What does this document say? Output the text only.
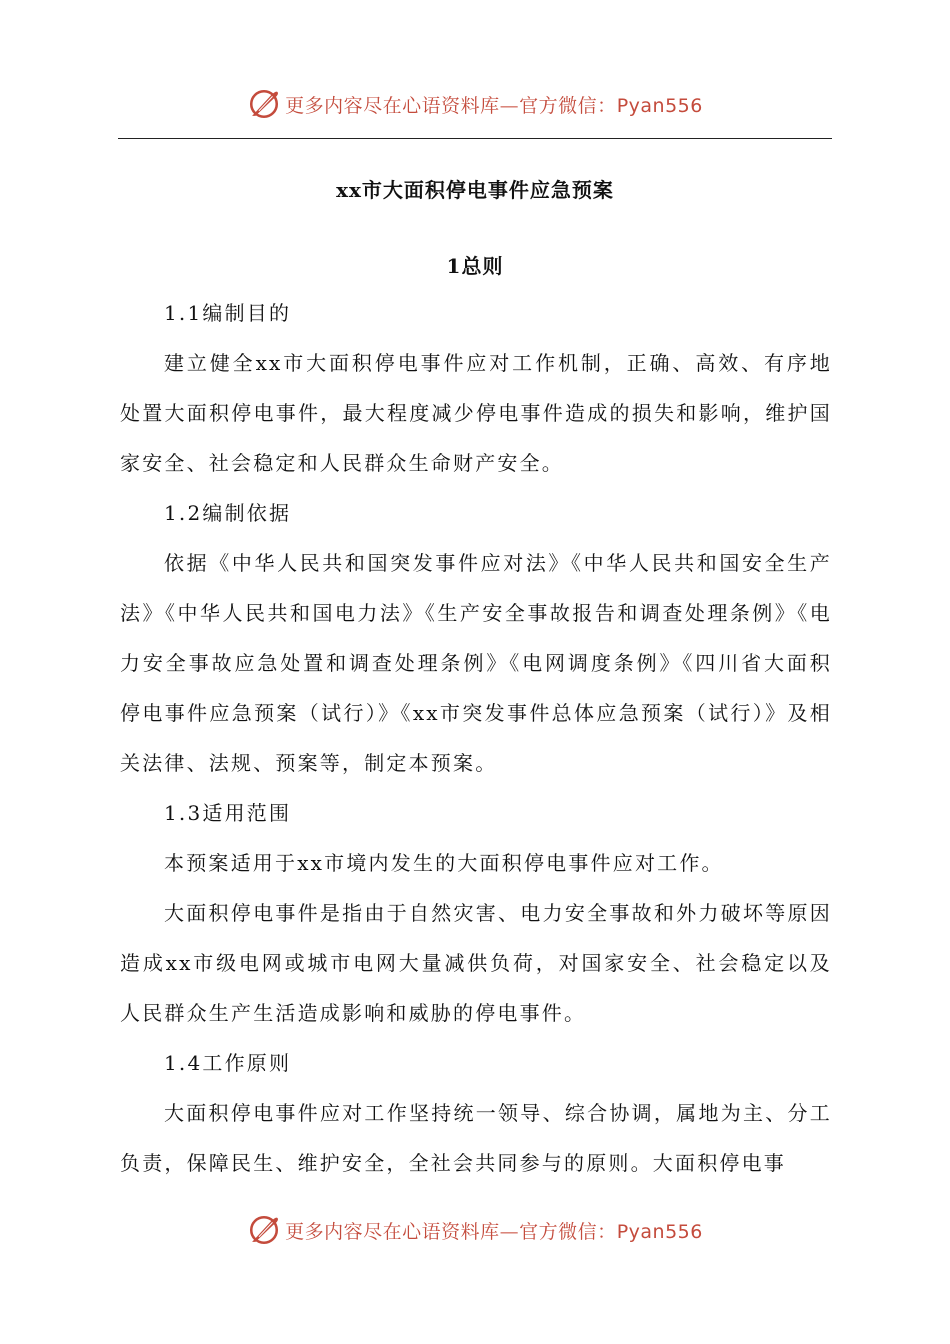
更多内容尽在心语资料库—官方微信：Pyan556
xx市大面积停电事件应急预案
1总则

1.1编制目的

建立健全xx市大面积停电事件应对工作机制，正确、高效、有序地处置大面积停电事件，最大程度减少停电事件造成的损失和影响，维护国家安全、社会稳定和人民群众生命财产安全。

1.2编制依据

依据《中华人民共和国突发事件应对法》《中华人民共和国安全生产法》《中华人民共和国电力法》《生产安全事故报告和调查处理条例》《电力安全事故应急处置和调查处理条例》《电网调度条例》《四川省大面积停电事件应急预案（试行）》《xx市突发事件总体应急预案（试行）》及相关法律、法规、预案等，制定本预案。

1.3适用范围

本预案适用于xx市境内发生的大面积停电事件应对工作。

大面积停电事件是指由于自然灾害、电力安全事故和外力破坏等原因造成xx市级电网或城市电网大量减供负荷，对国家安全、社会稳定以及人民群众生产生活造成影响和威胁的停电事件。

1.4工作原则

大面积停电事件应对工作坚持统一领导、综合协调，属地为主、分工负责，保障民生、维护安全，全社会共同参与的原则。大面积停电事

更多内容尽在心语资料库—官方微信：Pyan556
